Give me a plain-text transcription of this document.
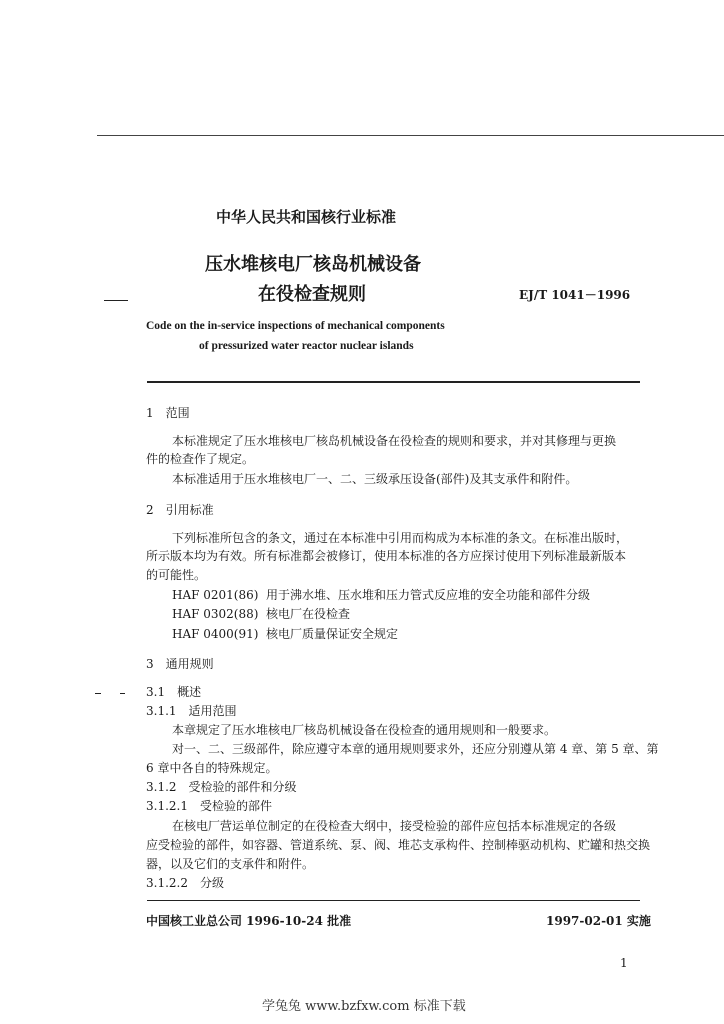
中华人民共和国核行业标准
压水堆核电厂核岛机械设备
在役检查规则	EJ/T 1041－1996
Code on the in-service inspections of mechanical components
of pressurized water reactor nuclear islands
1　范围
本标准规定了压水堆核电厂核岛机械设备在役检查的规则和要求，并对其修理与更换
件的检查作了规定。
本标准适用于压水堆核电厂一、二、三级承压设备(部件)及其支承件和附件。
2　引用标准
下列标准所包含的条文，通过在本标准中引用而构成为本标准的条文。在标准出版时，
所示版本均为有效。所有标准都会被修订，使用本标准的各方应探讨使用下列标准最新版本
的可能性。
HAF 0201(86) 用于沸水堆、压水堆和压力管式反应堆的安全功能和部件分级
HAF 0302(88) 核电厂在役检查
HAF 0400(91) 核电厂质量保证安全规定
3　通用规则
3.1　概述
3.1.1　适用范围
本章规定了压水堆核电厂核岛机械设备在役检查的通用规则和一般要求。
对一、二、三级部件，除应遵守本章的通用规则要求外，还应分别遵从第 4 章、第 5 章、第
6 章中各自的特殊规定。
3.1.2　受检验的部件和分级
3.1.2.1　受检验的部件
在核电厂营运单位制定的在役检查大纲中，接受检验的部件应包括本标准规定的各级
应受检验的部件，如容器、管道系统、泵、阀、堆芯支承构件、控制棒驱动机构、贮罐和热交换
器，以及它们的支承件和附件。
3.1.2.2　分级
中国核工业总公司 1996-10-24 批准	1997-02-01 实施
1
学兔兔 www.bzfxw.com 标准下载
